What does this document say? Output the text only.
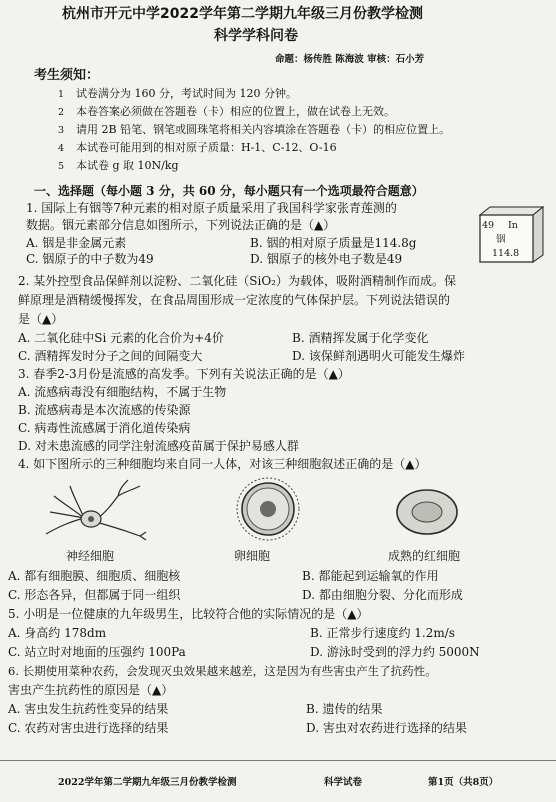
杭州市开元中学2022学年第二学期九年级三月份教学检测
科学学科问卷
命题：杨传胜 陈海波 审核：石小芳
考生须知：
1 试卷满分为 160 分，考试时间为 120 分钟。
2 本卷答案必须做在答题卷（卡）相应的位置上，做在试卷上无效。
3 请用 2B 铅笔、钢笔或圆珠笔将相关内容填涂在答题卷（卡）的相应位置上。
4 本试卷可能用到的相对原子质量：H-1、C-12、O-16
5 本试卷 g 取 10N/kg
一、选择题（每小题 3 分，共 60 分，每小题只有一个选项最符合题意）
1. 国际上有铟等7种元素的相对原子质量采用了我国科学家张青莲测的
数据。铟元素部分信息如图所示，下列说法正确的是（▲）
A. 铟是非金属元素	B. 铟的相对原子质量是114.8g
C. 铟原子的中子数为49	D. 铟原子的核外电子数是49
49 In
铟
114.8
2. 某外控型食品保鲜剂以淀粉、二氧化硅（SiO₂）为载体，吸附酒精制作而成。保
鲜原理是酒精缓慢挥发，在食品周围形成一定浓度的气体保护层。下列说法错误的
是（▲）
A. 二氧化硅中Si 元素的化合价为+4价	B. 酒精挥发属于化学变化
C. 酒精挥发时分子之间的间隔变大	D. 该保鲜剂遇明火可能发生爆炸
3. 春季2-3月份是流感的高发季。下列有关说法正确的是（▲）
A. 流感病毒没有细胞结构，不属于生物
B. 流感病毒是本次流感的传染源
C. 病毒性流感属于消化道传染病
D. 对未患流感的同学注射流感疫苗属于保护易感人群
4. 如下图所示的三种细胞均来自同一人体，对该三种细胞叙述正确的是（▲）
神经细胞	卵细胞	成熟的红细胞
A. 都有细胞膜、细胞质、细胞核	B. 都能起到运输氧的作用
C. 形态各异，但都属于同一组织	D. 都由细胞分裂、分化而形成
5. 小明是一位健康的九年级男生，比较符合他的实际情况的是（▲）
A. 身高约 178dm	B. 正常步行速度约 1.2m/s
C. 站立时对地面的压强约 100Pa	D. 游泳时受到的浮力约 5000N
6. 长期使用菜种农药，会发现灭虫效果越来越差，这是因为有些害虫产生了抗药性。
害虫产生抗药性的原因是（▲）
A. 害虫发生抗药性变异的结果	B. 遗传的结果
C. 农药对害虫进行选择的结果	D. 害虫对农药进行选择的结果
2022学年第二学期九年级三月份教学检测	科学试卷	第1页（共8页）
